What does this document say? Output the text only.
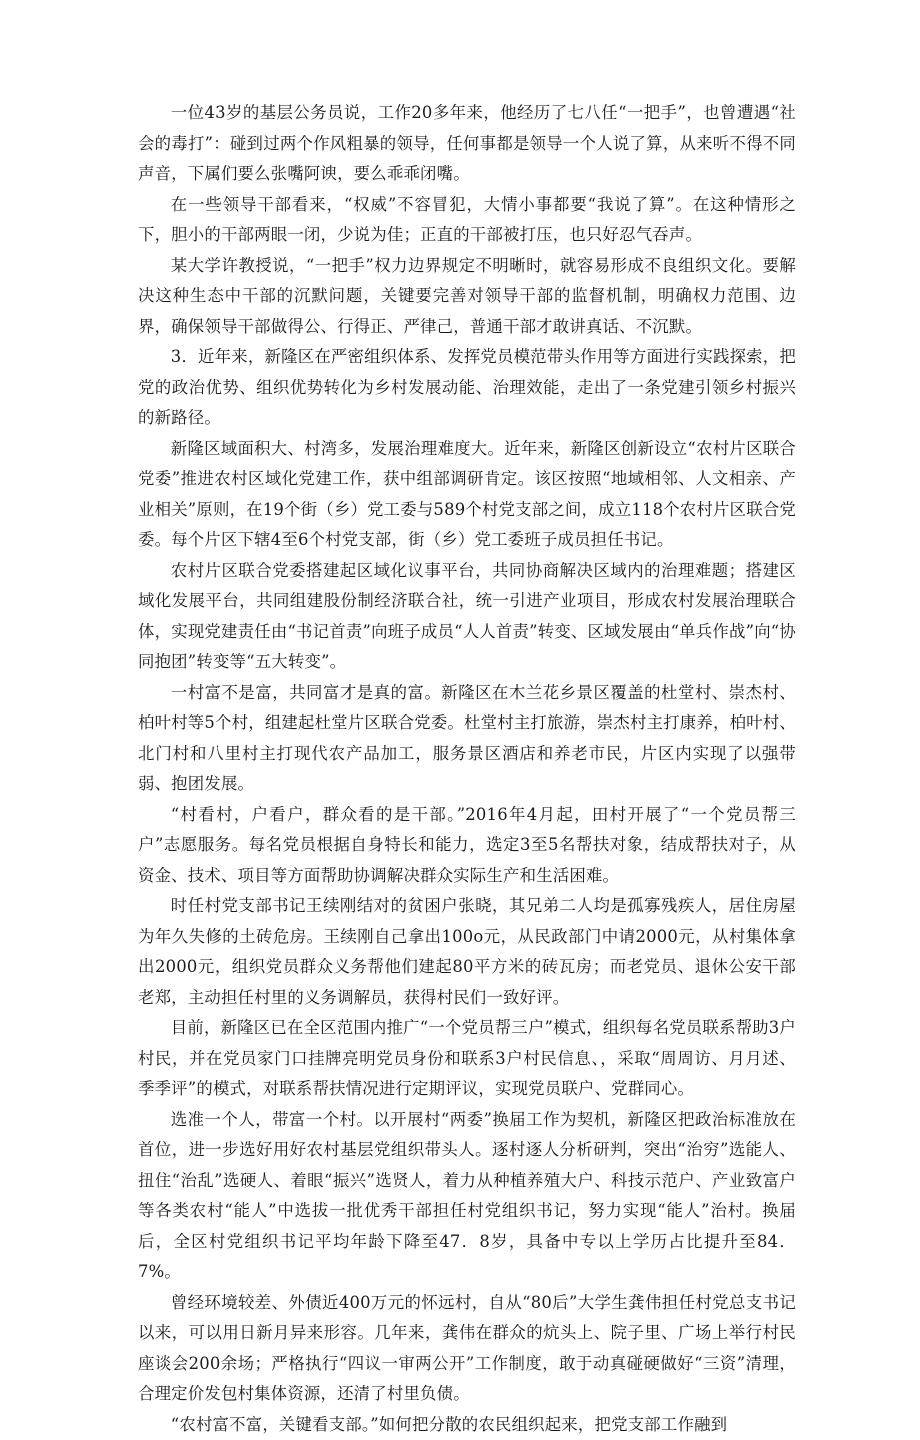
一位43岁的基层公务员说，工作20多年来，他经历了七八任“一把手”，也曾遭遇“社会的毒打”：碰到过两个作风粗暴的领导，任何事都是领导一个人说了算，从来听不得不同声音，下属们要么张嘴阿谀，要么乖乖闭嘴。

在一些领导干部看来，“权威”不容冒犯，大情小事都要“我说了算”。在这种情形之下，胆小的干部两眼一闭，少说为佳；正直的干部被打压，也只好忍气吞声。

某大学许教授说，“一把手”权力边界规定不明晰时，就容易形成不良组织文化。要解决这种生态中干部的沉默问题，关键要完善对领导干部的监督机制，明确权力范围、边界，确保领导干部做得公、行得正、严律己，普通干部才敢讲真话、不沉默。

3．近年来，新隆区在严密组织体系、发挥党员模范带头作用等方面进行实践探索，把党的政治优势、组织优势转化为乡村发展动能、治理效能，走出了一条党建引领乡村振兴的新路径。

新隆区域面积大、村湾多，发展治理难度大。近年来，新隆区创新设立“农村片区联合党委”推进农村区域化党建工作，获中组部调研肯定。该区按照“地域相邻、人文相亲、产业相关”原则，在19个街（乡）党工委与589个村党支部之间，成立118个农村片区联合党委。每个片区下辖4至6个村党支部，街（乡）党工委班子成员担任书记。

农村片区联合党委搭建起区域化议事平台，共同协商解决区域内的治理难题；搭建区域化发展平台，共同组建股份制经济联合社，统一引进产业项目，形成农村发展治理联合体，实现党建责任由“书记首责”向班子成员“人人首责”转变、区域发展由“单兵作战”向“协同抱团”转变等“五大转变”。

一村富不是富，共同富才是真的富。新隆区在木兰花乡景区覆盖的杜堂村、崇杰村、柏叶村等5个村，组建起杜堂片区联合党委。杜堂村主打旅游，崇杰村主打康养，柏叶村、北门村和八里村主打现代农产品加工，服务景区酒店和养老市民，片区内实现了以强带弱、抱团发展。

“村看村，户看户，群众看的是干部。”2016年4月起，田村开展了“一个党员帮三户”志愿服务。每名党员根据自身特长和能力，选定3至5名帮扶对象，结成帮扶对子，从资金、技术、项目等方面帮助协调解决群众实际生产和生活困难。

时任村党支部书记王续刚结对的贫困户张晓，其兄弟二人均是孤寡残疾人，居住房屋为年久失修的土砖危房。王续刚自己拿出100o元，从民政部门中请2000元，从村集体拿出2000元，组织党员群众义务帮他们建起80平方米的砖瓦房；而老党员、退休公安干部老郑，主动担任村里的义务调解员，获得村民们一致好评。

目前，新隆区已在全区范围内推广“一个党员帮三户”模式，组织每名党员联系帮助3户村民，并在党员家门口挂牌亮明党员身份和联系3户村民信息、，采取“周周访、月月述、季季评”的模式，对联系帮扶情况进行定期评议，实现党员联户、党群同心。

选准一个人，带富一个村。以开展村“两委”换届工作为契机，新隆区把政治标准放在首位，进一步选好用好农村基层党组织带头人。逐村逐人分析研判，突出“治穷”选能人、扭住“治乱”选硬人、着眼“振兴”选贤人，着力从种植养殖大户、科技示范户、产业致富户等各类农村“能人”中选拔一批优秀干部担任村党组织书记，努力实现“能人”治村。换届后，全区村党组织书记平均年龄下降至47．8岁，具备中专以上学历占比提升至84．7%。

曾经环境较差、外债近400万元的怀远村，自从“80后”大学生龚伟担任村党总支书记以来，可以用日新月异来形容。几年来，龚伟在群众的炕头上、院子里、广场上举行村民座谈会200余场；严格执行“四议一审两公开”工作制度，敢于动真碰硬做好“三资”清理，合理定价发包村集体资源，还清了村里负债。

“农村富不富，关键看支部。”如何把分散的农民组织起来，把党支部工作融到
